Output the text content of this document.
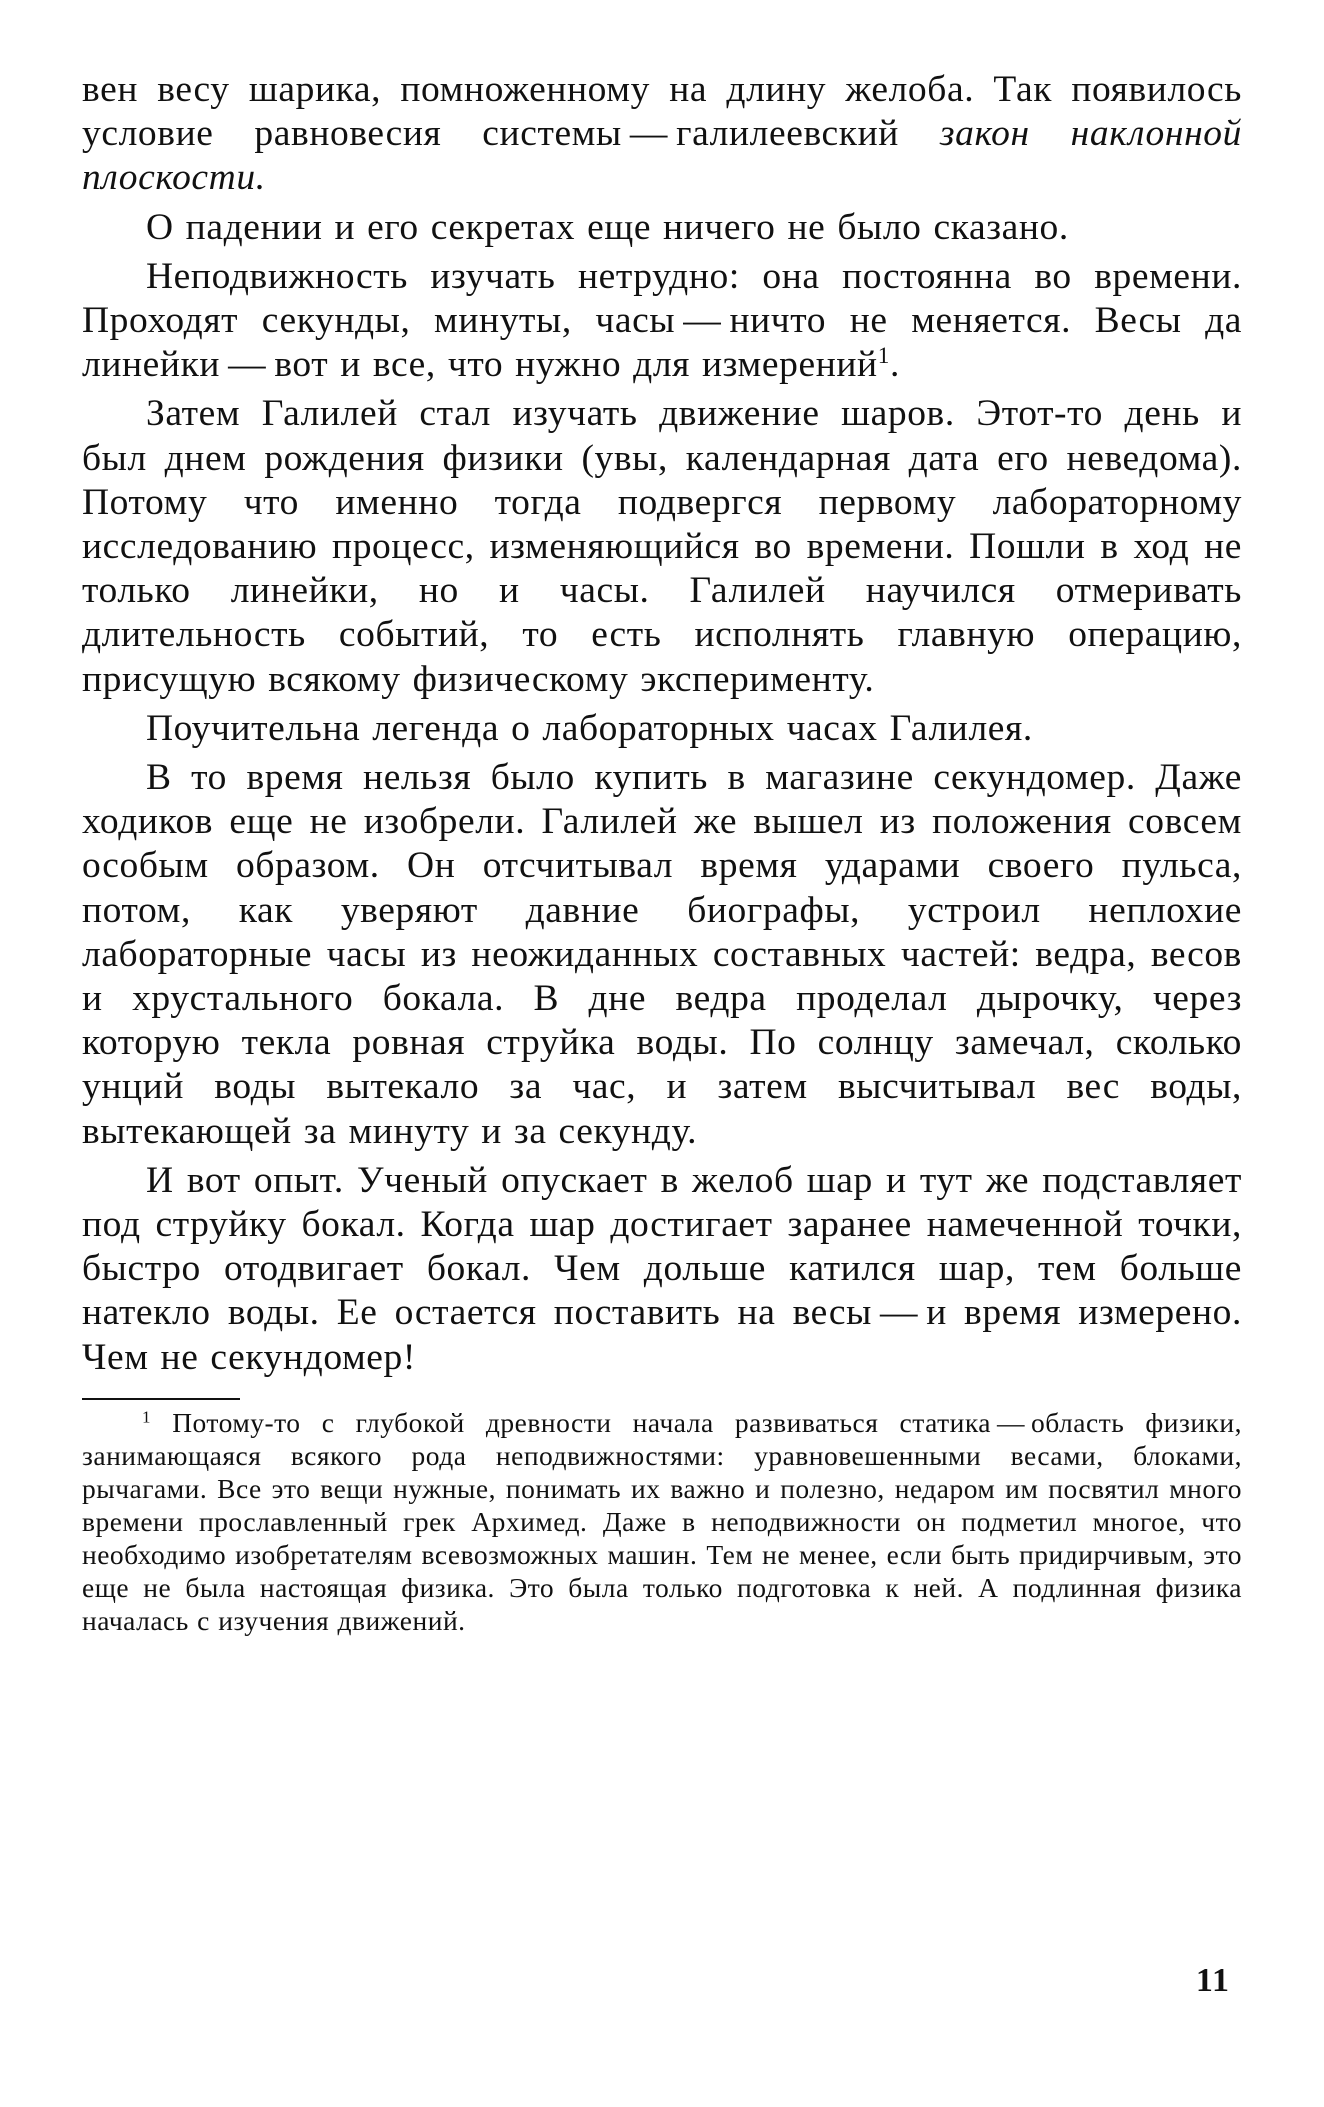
вен весу шарика, помноженному на длину желоба. Так появилось условие равновесия системы — галилеевский закон наклонной плоскости.

О падении и его секретах еще ничего не было сказано.

Неподвижность изучать нетрудно: она постоянна во времени. Проходят секунды, минуты, часы — ничто не меняется. Весы да линейки — вот и все, что нужно для измерений$^1$.

Затем Галилей стал изучать движение шаров. Этот-то день и был днем рождения физики (увы, календарная дата его неведома). Потому что именно тогда подвергся первому лабораторному исследованию процесс, изменяющийся во времени. Пошли в ход не только линейки, но и часы. Галилей научился отмеривать длительность событий, то есть исполнять главную операцию, присущую всякому физическому эксперименту.

Поучительна легенда о лабораторных часах Галилея.

В то время нельзя было купить в магазине секундомер. Даже ходиков еще не изобрели. Галилей же вышел из положения совсем особым образом. Он отсчитывал время ударами своего пульса, потом, как уверяют давние биографы, устроил неплохие лабораторные часы из неожиданных составных частей: ведра, весов и хрустального бокала. В дне ведра проделал дырочку, через которую текла ровная струйка воды. По солнцу замечал, сколько унций воды вытекало за час, и затем высчитывал вес воды, вытекающей за минуту и за секунду.

И вот опыт. Ученый опускает в желоб шар и тут же подставляет под струйку бокал. Когда шар достигает заранее намеченной точки, быстро отодвигает бокал. Чем дольше катился шар, тем больше натекло воды. Ее остается поставить на весы — и время измерено. Чем не секундомер!

$^1$ Потому-то с глубокой древности начала развиваться статика — область физики, занимающаяся всякого рода неподвижностями: уравновешенными весами, блоками, рычагами. Все это вещи нужные, понимать их важно и полезно, недаром им посвятил много времени прославленный грек Архимед. Даже в неподвижности он подметил многое, что необходимо изобретателям всевозможных машин. Тем не менее, если быть придирчивым, это еще не была настоящая физика. Это была только подготовка к ней. А подлинная физика началась с изучения движений.

11
